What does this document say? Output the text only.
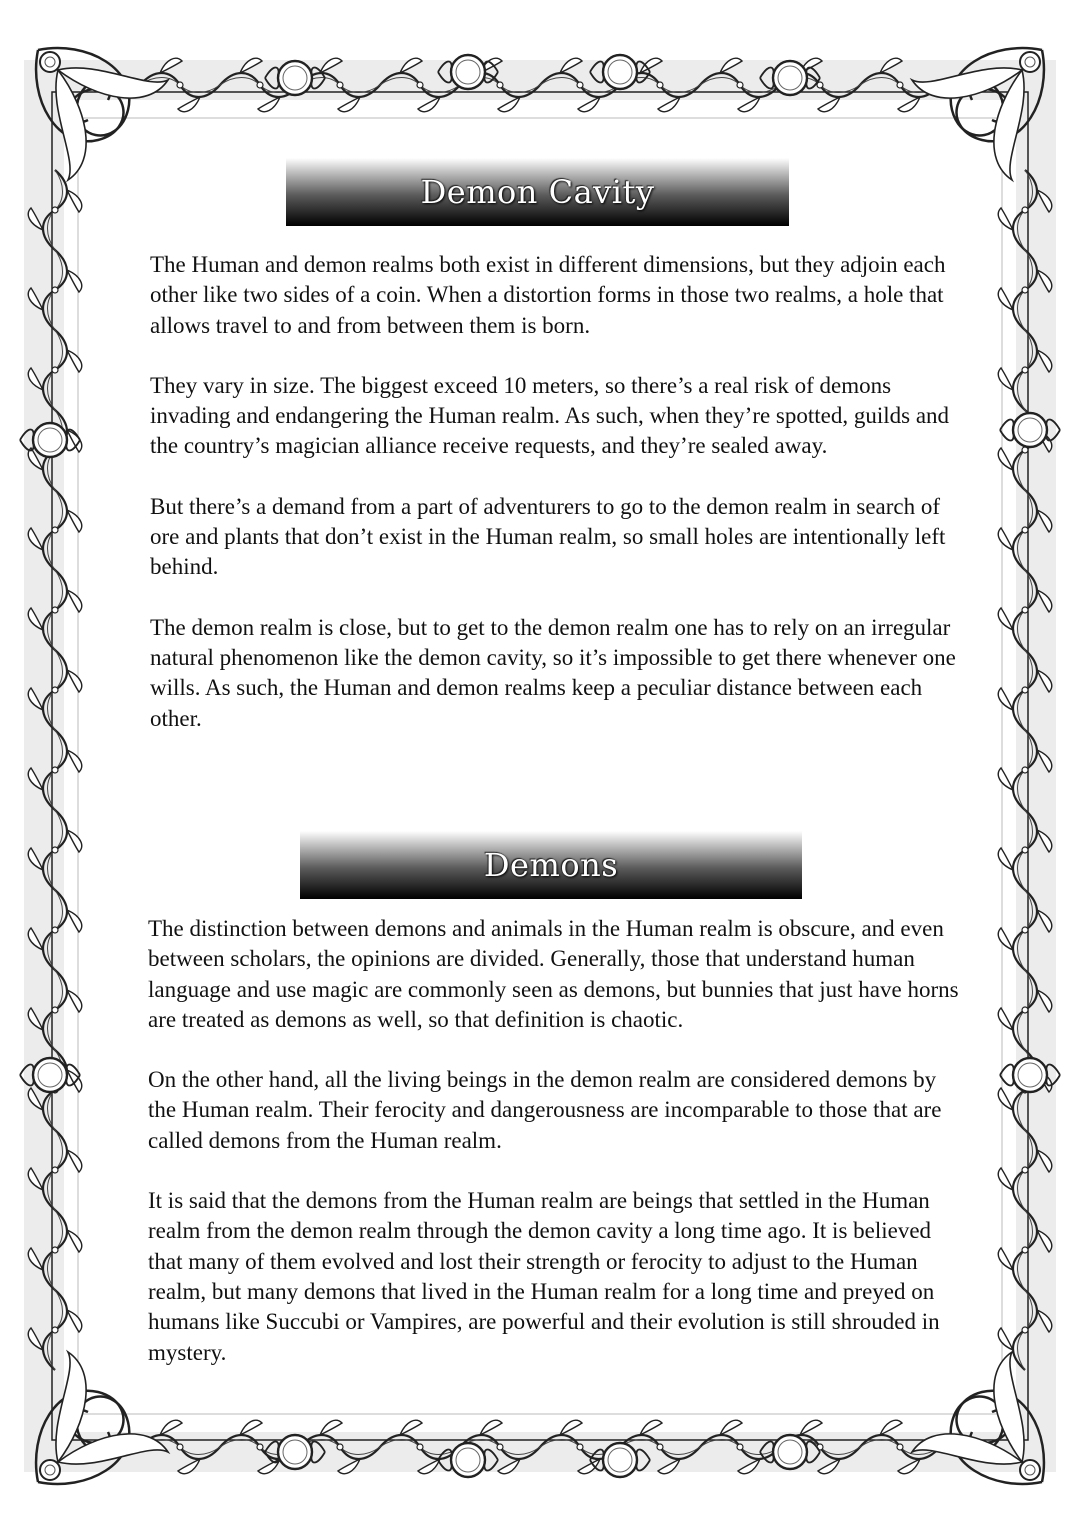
Demon Cavity

The Human and demon realms both exist in different dimensions, but they adjoin each other like two sides of a coin. When a distortion forms in those two realms, a hole that allows travel to and from between them is born.

They vary in size. The biggest exceed 10 meters, so there’s a real risk of demons invading and endangering the Human realm. As such, when they’re spotted, guilds and the country’s magician alliance receive requests, and they’re sealed away.

But there’s a demand from a part of adventurers to go to the demon realm in search of ore and plants that don’t exist in the Human realm, so small holes are intentionally left behind.

The demon realm is close, but to get to the demon realm one has to rely on an irregular natural phenomenon like the demon cavity, so it’s impossible to get there whenever one wills. As such, the Human and demon realms keep a peculiar distance between each other.

Demons

The distinction between demons and animals in the Human realm is obscure, and even between scholars, the opinions are divided. Generally, those that understand human language and use magic are commonly seen as demons, but bunnies that just have horns are treated as demons as well, so that definition is chaotic.

On the other hand, all the living beings in the demon realm are considered demons by the Human realm. Their ferocity and dangerousness are incomparable to those that are called demons from the Human realm.

It is said that the demons from the Human realm are beings that settled in the Human realm from the demon realm through the demon cavity a long time ago. It is believed that many of them evolved and lost their strength or ferocity to adjust to the Human realm, but many demons that lived in the Human realm for a long time and preyed on humans like Succubi or Vampires, are powerful and their evolution is still shrouded in mystery.
